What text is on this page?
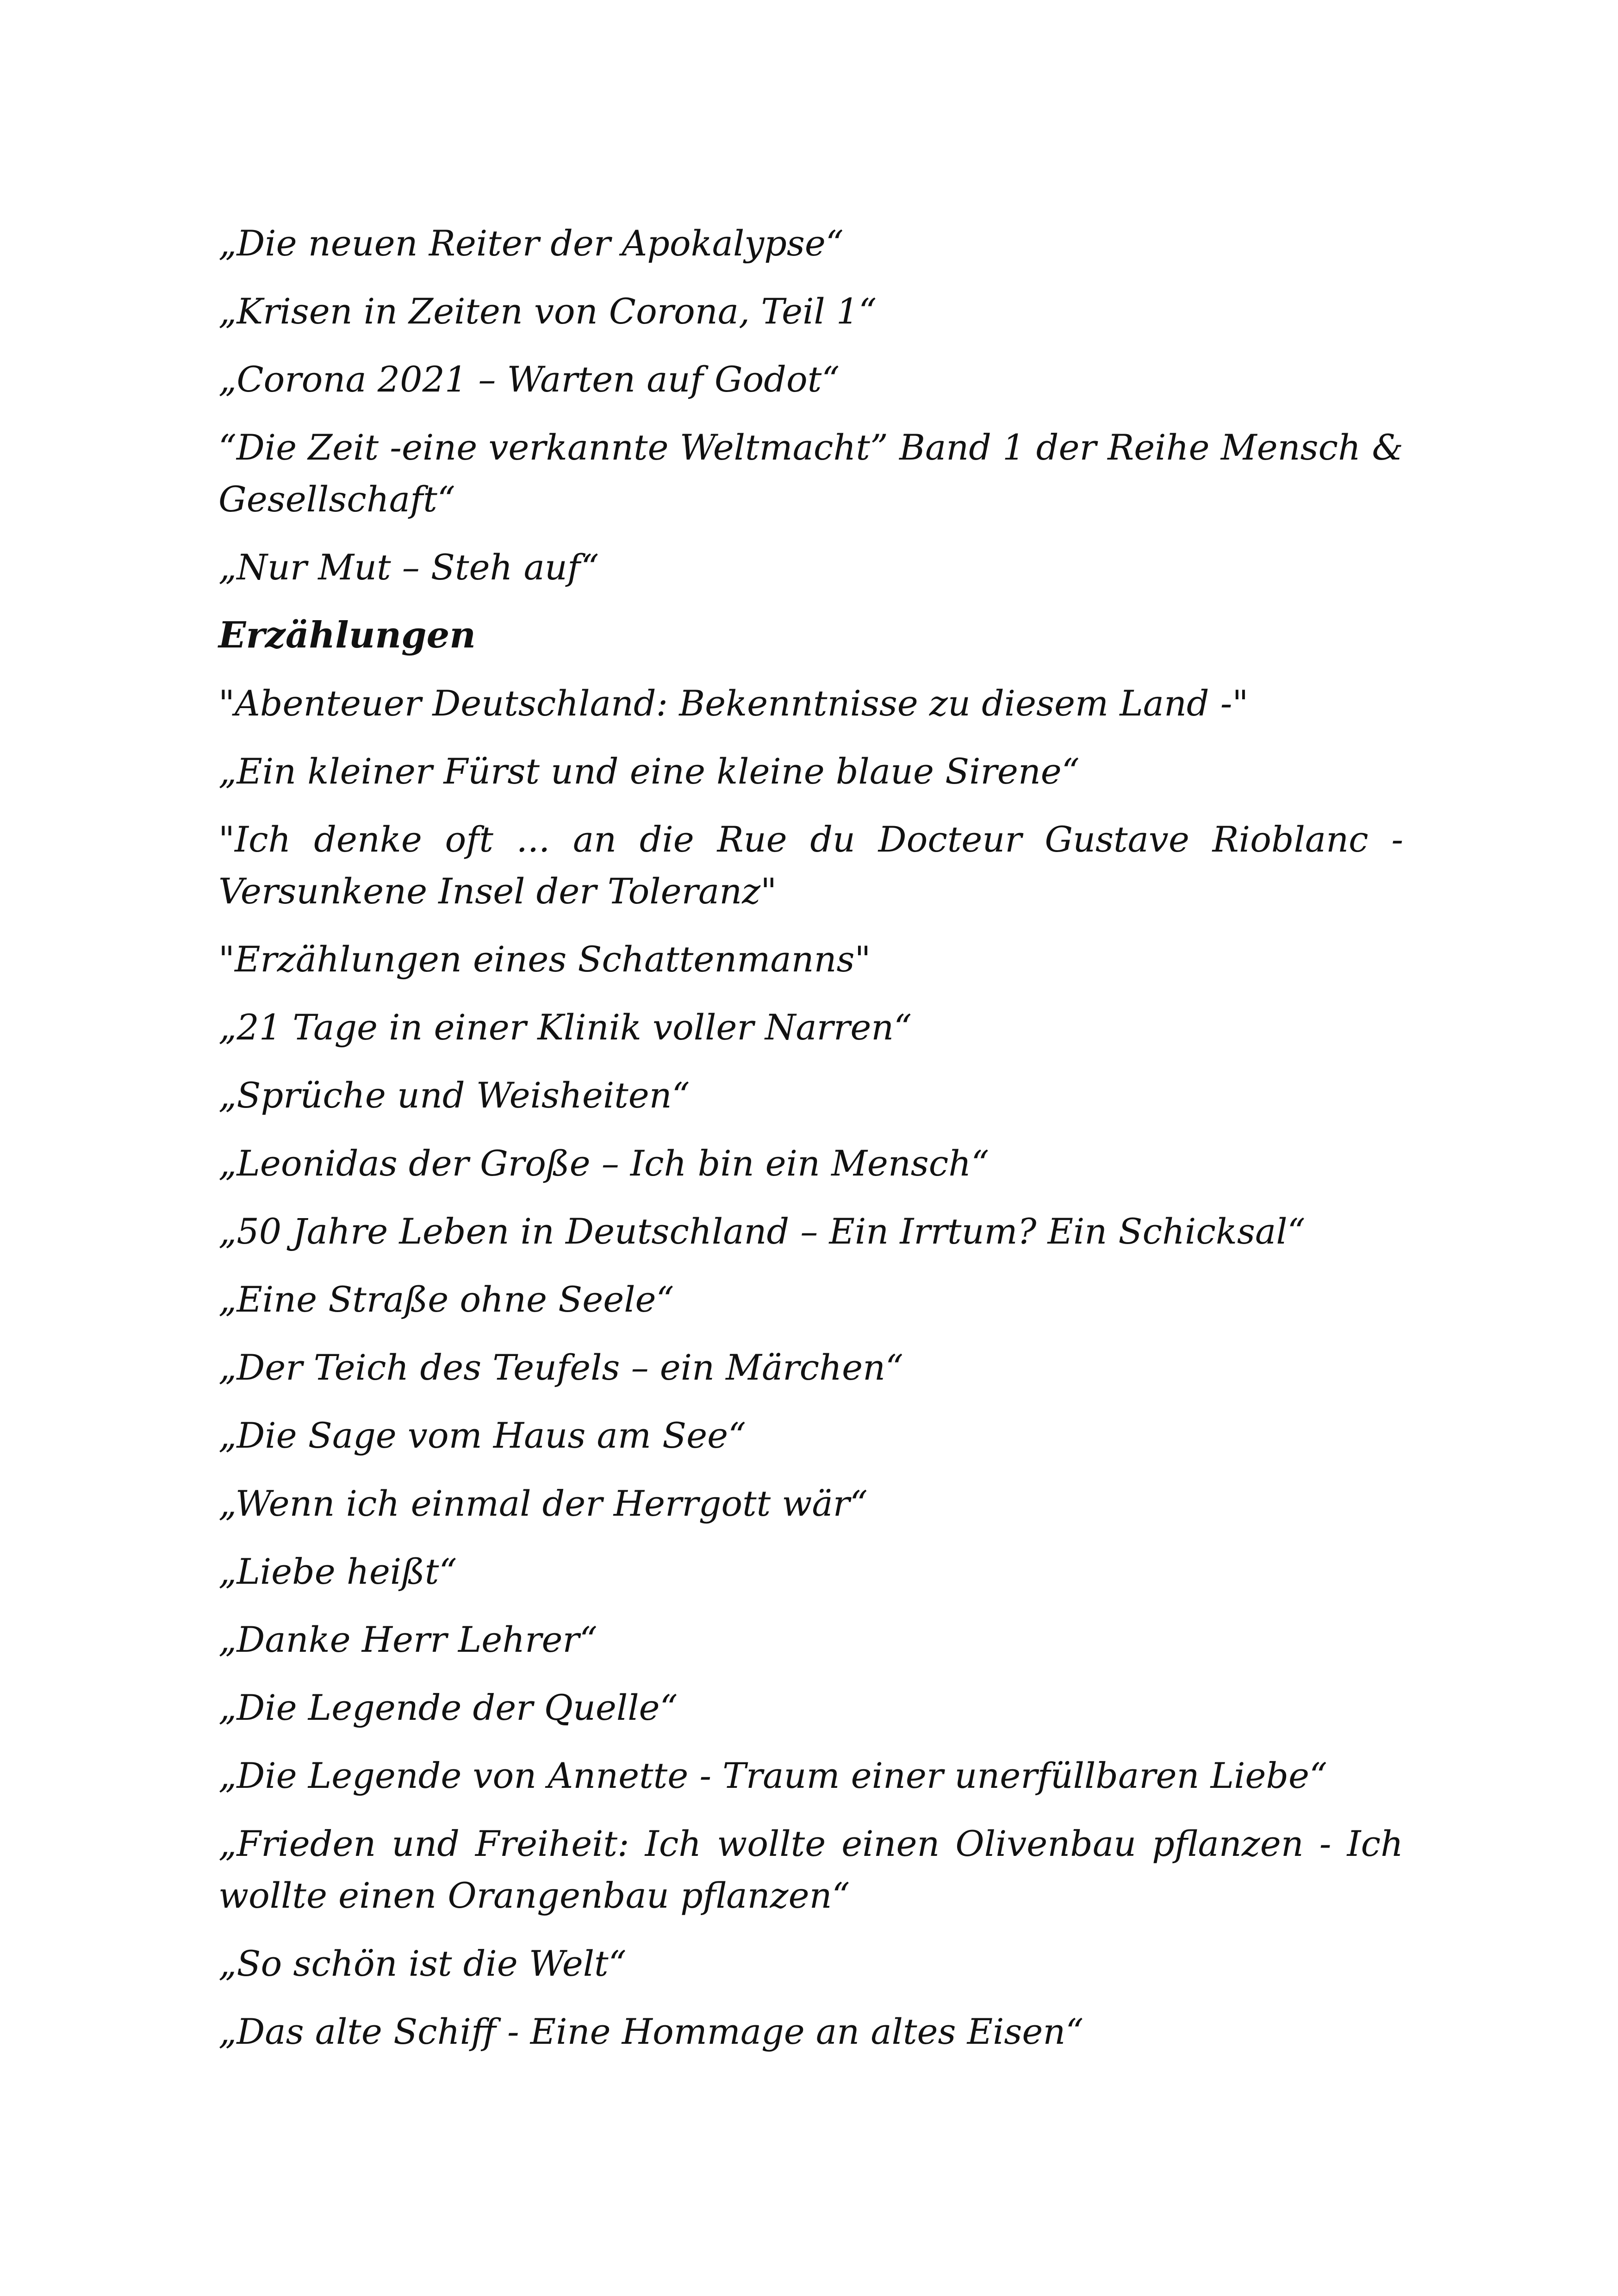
„Die neuen Reiter der Apokalypse“

„Krisen in Zeiten von Corona, Teil 1“

„Corona 2021 – Warten auf Godot“

“Die Zeit -eine verkannte Weltmacht” Band 1 der Reihe Mensch & Gesellschaft“

„Nur Mut – Steh auf“

Erzählungen

"Abenteuer Deutschland: Bekenntnisse zu diesem Land -"

„Ein kleiner Fürst und eine kleine blaue Sirene“

"Ich denke oft ... an die Rue du Docteur Gustave Rioblanc - Versunkene Insel der Toleranz"

"Erzählungen eines Schattenmanns"

„21 Tage in einer Klinik voller Narren“

„Sprüche und Weisheiten“

„Leonidas der Große – Ich bin ein Mensch“

„50 Jahre Leben in Deutschland – Ein Irrtum? Ein Schicksal“

„Eine Straße ohne Seele“

„Der Teich des Teufels – ein Märchen“

„Die Sage vom Haus am See“

„Wenn ich einmal der Herrgott wär“

„Liebe heißt“

„Danke Herr Lehrer“

„Die Legende der Quelle“

„Die Legende von Annette - Traum einer unerfüllbaren Liebe“

„Frieden und Freiheit: Ich wollte einen Olivenbau pflanzen - Ich wollte einen Orangenbau pflanzen“

„So schön ist die Welt“

„Das alte Schiff - Eine Hommage an altes Eisen“
